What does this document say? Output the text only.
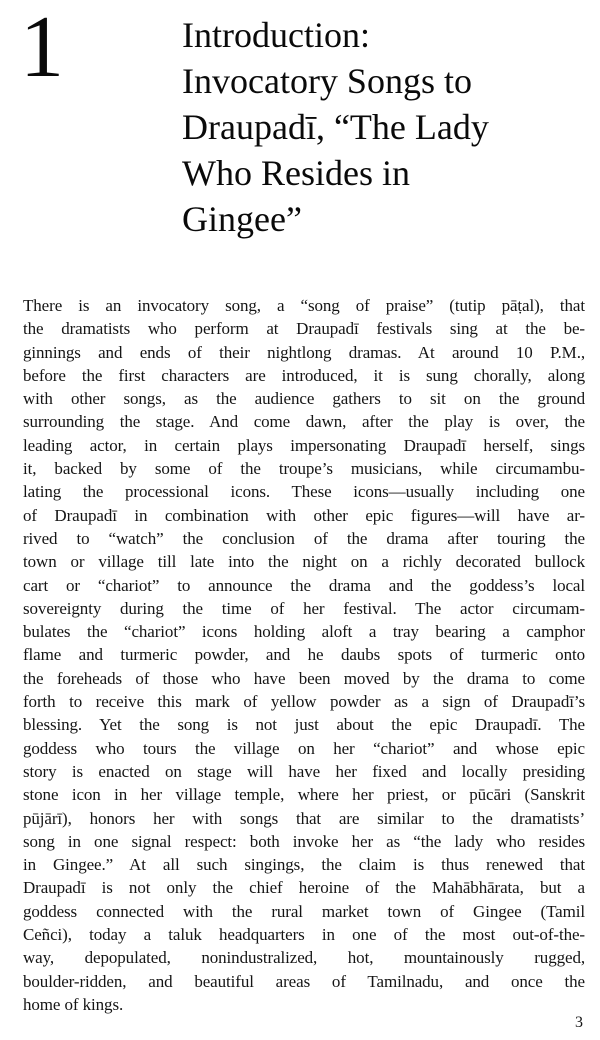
1	Introduction:
Invocatory Songs to
Draupadī, “The Lady
Who Resides in
Gingee”

There is an invocatory song, a “song of praise” (tutip pāṭal), that
the dramatists who perform at Draupadī festivals sing at the be-
ginnings and ends of their nightlong dramas. At around 10 P.M.,
before the first characters are introduced, it is sung chorally, along
with other songs, as the audience gathers to sit on the ground
surrounding the stage. And come dawn, after the play is over, the
leading actor, in certain plays impersonating Draupadī herself, sings
it, backed by some of the troupe’s musicians, while circumambu-
lating the processional icons. These icons—usually including one
of Draupadī in combination with other epic figures—will have ar-
rived to “watch” the conclusion of the drama after touring the
town or village till late into the night on a richly decorated bullock
cart or “chariot” to announce the drama and the goddess’s local
sovereignty during the time of her festival. The actor circumam-
bulates the “chariot” icons holding aloft a tray bearing a camphor
flame and turmeric powder, and he daubs spots of turmeric onto
the foreheads of those who have been moved by the drama to come
forth to receive this mark of yellow powder as a sign of Draupadī’s
blessing. Yet the song is not just about the epic Draupadī. The
goddess who tours the village on her “chariot” and whose epic
story is enacted on stage will have her fixed and locally presiding
stone icon in her village temple, where her priest, or pūcāri (Sanskrit
pūjārī), honors her with songs that are similar to the dramatists’
song in one signal respect: both invoke her as “the lady who resides
in Gingee.” At all such singings, the claim is thus renewed that
Draupadī is not only the chief heroine of the Mahābhārata, but a
goddess connected with the rural market town of Gingee (Tamil
Ceñci), today a taluk headquarters in one of the most out-of-the-
way, depopulated, nonindustralized, hot, mountainously rugged,
boulder-ridden, and beautiful areas of Tamilnadu, and once the
home of kings.

3
